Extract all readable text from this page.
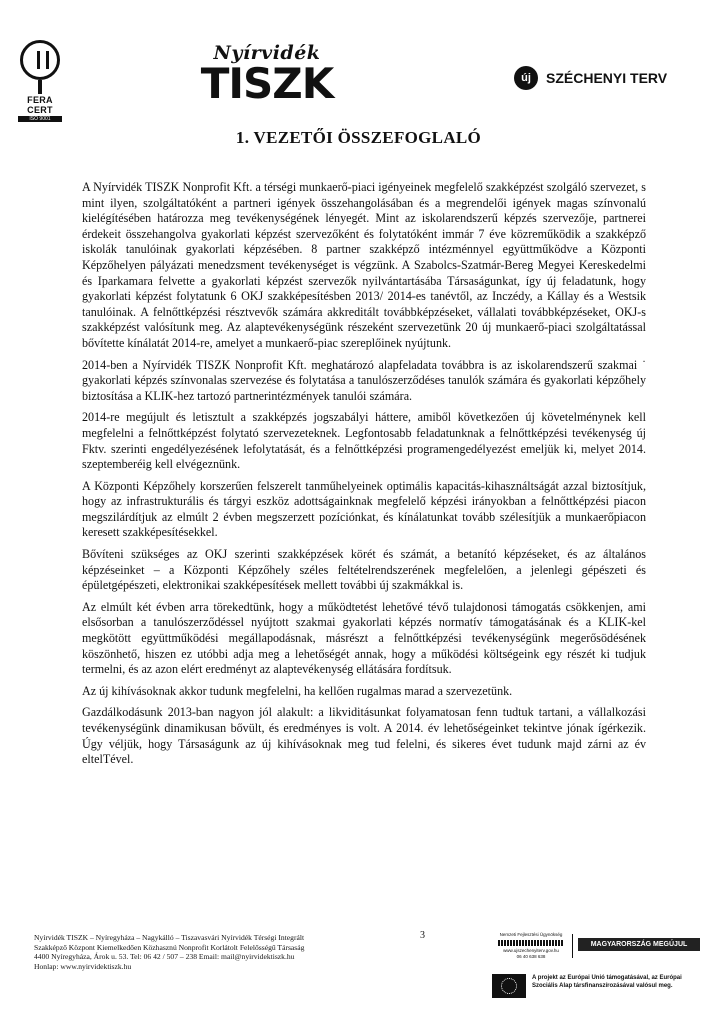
FERA CERT
ISO 9001
Nyírvidék
TISZK	új	SZÉCHENYI TERV
1. VEZETŐI ÖSSZEFOGLALÓ

A Nyírvidék TISZK Nonprofit Kft. a térségi munkaerő-piaci igényeinek megfelelő szakképzést szolgáló szervezet, s mint ilyen, szolgáltatóként a partneri igények összehangolásában és a megrendelői igények magas színvonalú kielégítésében határozza meg tevékenységének lényegét. Mint az iskolarendszerű képzés szervezője, partnerei érdekeit összehangolva gyakorlati képzést szervezőként és folytatóként immár 7 éve közreműködik a szakképző iskolák tanulóinak gyakorlati képzésében. 8 partner szakképző intézménnyel együttműködve a Központi Képzőhelyen pályázati menedzsment tevékenységet is végzünk. A Szabolcs-Szatmár-Bereg Megyei Kereskedelmi és Iparkamara felvette a gyakorlati képzést szervezők nyilvántartásába Társaságunkat, így új feladatunk, hogy gyakorlati képzést folytatunk 6 OKJ szakképesítésben 2013/ 2014-es tanévtől, az Inczédy, a Kállay és a Westsik tanulóinak. A felnőttképzési résztvevők számára akkreditált továbbképzéseket, vállalati továbbképzéseket, OKJ-s szakképzést valósítunk meg. Az alaptevékenységünk részeként szervezetünk 20 új munkaerő-piaci szolgáltatással bővítette kínálatát 2014-re, amelyet a munkaerő-piac szereplőinek nyújtunk.

2014-ben a Nyírvidék TISZK Nonprofit Kft. meghatározó alapfeladata továbbra is az iskolarendszerű szakmai ˙ gyakorlati képzés színvonalas szervezése és folytatása a tanulószerződéses tanulók számára és gyakorlati képzőhely biztosítása a KLIK-hez tartozó partnerintézmények tanulói számára.

2014-re megújult és letisztult a szakképzés jogszabályi háttere, amiből következően új követelménynek kell megfelelni a felnőttképzést folytató szervezeteknek. Legfontosabb feladatunknak a felnőttképzési tevékenység új Fktv. szerinti engedélyezésének lefolytatását, és a felnőttképzési programengedélyezést emeljük ki, melyet 2014. szeptemberéig kell elvégeznünk.

A Központi Képzőhely korszerűen felszerelt tanműhelyeinek optimális kapacitás-kihasználtságát azzal biztosítjuk, hogy az infrastrukturális és tárgyi eszköz adottságainknak megfelelő képzési irányokban a felnőttképzési piacon megszilárdítjuk az elmúlt 2 évben megszerzett pozíciónkat, és kínálatunkat tovább szélesítjük a munkaerőpiacon keresett szakképesítésekkel.

Bővíteni szükséges az OKJ szerinti szakképzések körét és számát, a betanító képzéseket, és az általános képzéseinket – a Központi Képzőhely széles feltételrendszerének megfelelően, a jelenlegi gépészeti és épületgépészeti, elektronikai szakképesítések mellett további új szakmákkal is.

Az elmúlt két évben arra törekedtünk, hogy a működtetést lehetővé tévő tulajdonosi támogatás csökkenjen, ami elsősorban a tanulószerződéssel nyújtott szakmai gyakorlati képzés normatív támogatásának és a KLIK-kel megkötött együttműködési megállapodásnak, másrészt a felnőttképzési tevékenységünk megerősödésének köszönhető, hiszen ez utóbbi adja meg a lehetőségét annak, hogy a működési költségeink egy részét ki tudjuk termelni, és az azon elért eredményt az alaptevékenység ellátására fordítsuk.

Az új kihívásoknak akkor tudunk megfelelni, ha kellően rugalmas marad a szervezetünk.

Gazdálkodásunk 2013-ban nagyon jól alakult: a likviditásunkat folyamatosan fenn tudtuk tartani, a vállalkozási tevékenységünk dinamikusan bővült, és eredményes is volt. A 2014. év lehetőségeinket tekintve jónak ígérkezik. Úgy véljük, hogy Társaságunk az új kihívásoknak meg tud felelni, és sikeres évet tudunk majd zárni az év eltelTével.

Nyírvidék TISZK – Nyíregyháza – Nagykálló – Tiszavasvári Nyírvidék Térségi Integrált
Szakképző Központ Kiemelkedően Közhasznú Nonprofit Korlátolt Felelősségű Társaság
4400 Nyíregyháza, Árok u. 53. Tel: 06 42 / 507 – 238 Email: mail@nyirvidektiszk.hu
Honlap: www.nyirvidektiszk.hu
3	Nemzeti Fejlesztési Ügynökség
www.ujszechenyiterv.gov.hu
06 40 638 638
MAGYARORSZÁG MEGÚJUL
A projekt az Európai Unió támogatásával, az Európai Szociális Alap társfinanszírozásával valósul meg.
